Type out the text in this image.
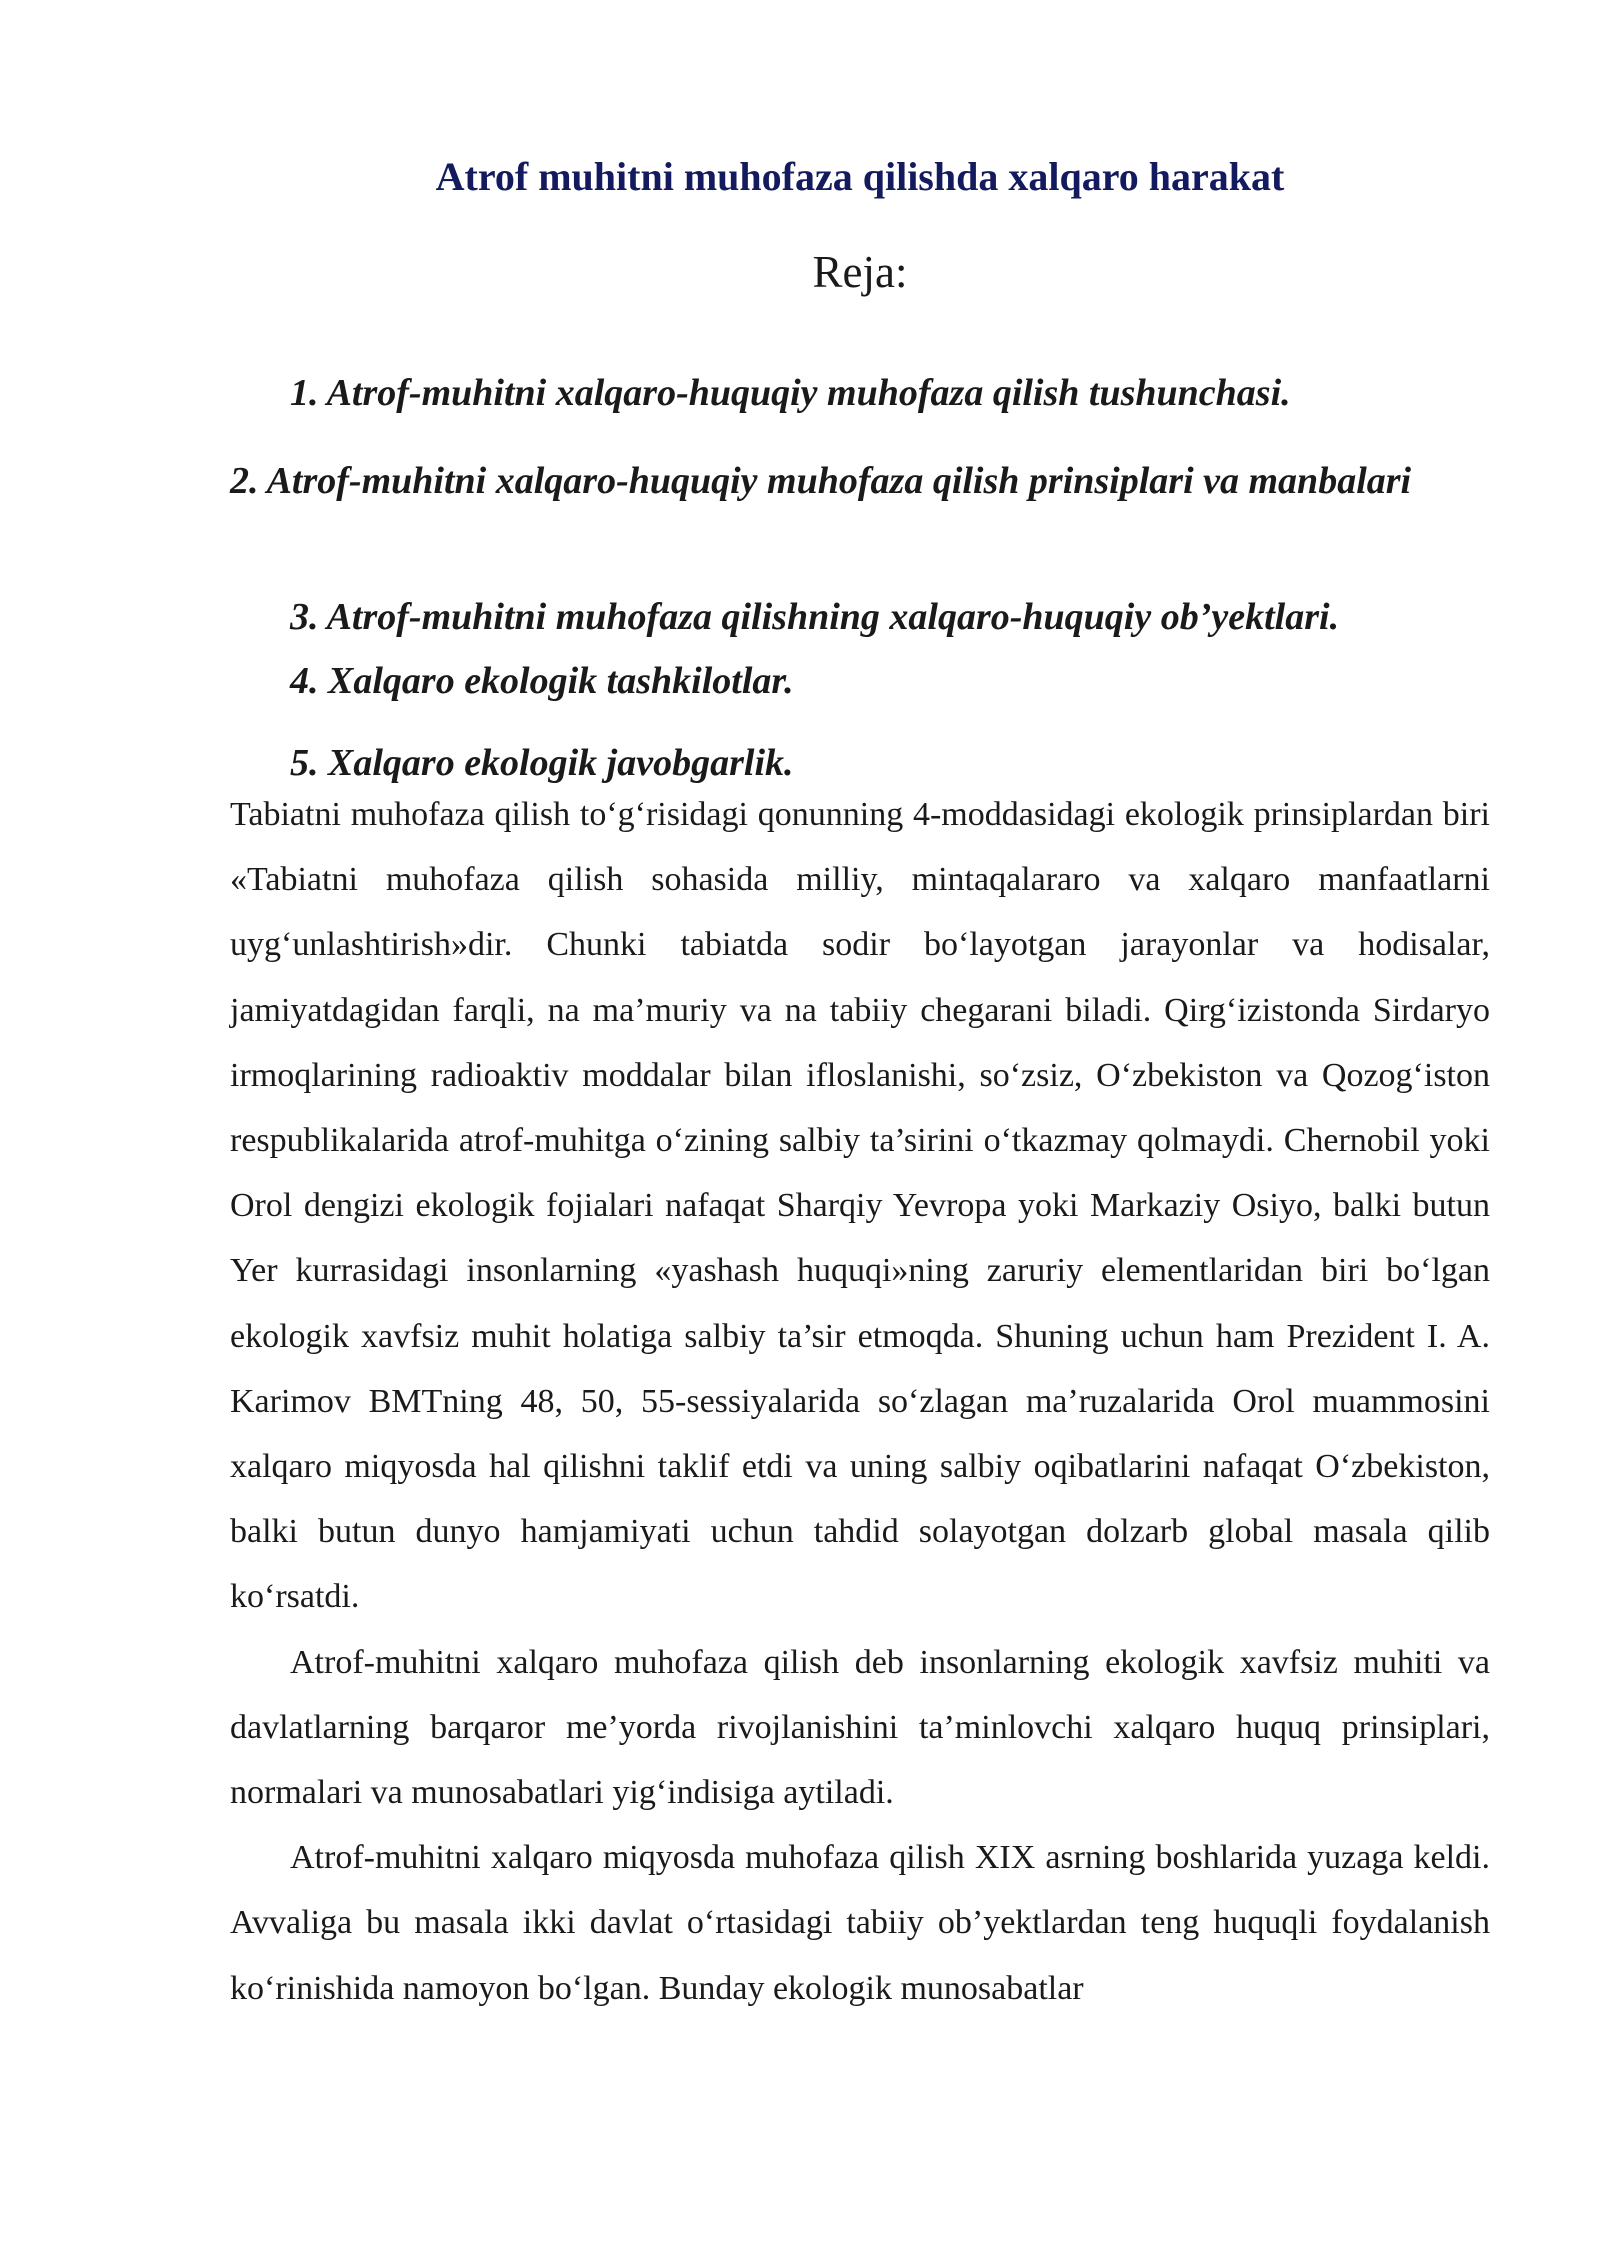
Atrof muhitni muhofaza qilishda xalqaro harakat
Reja:

1. Atrof-muhitni xalqaro-huquqiy muhofaza qilish tushunchasi.

2. Atrof-muhitni xalqaro-huquqiy muhofaza qilish prinsiplari va manbalari

3. Atrof-muhitni muhofaza qilishning xalqaro-huquqiy ob’yektlari.

4. Xalqaro ekologik tashkilotlar.

5. Xalqaro ekologik javobgarlik.

Tabiatni muhofaza qilish to‘g‘risidagi qonunning 4-moddasidagi ekologik prinsiplardan biri «Tabiatni muhofaza qilish sohasida milliy, mintaqalararo va xalqaro manfaatlarni uyg‘unlashtirish»dir. Chunki tabiatda sodir bo‘layotgan jarayonlar va hodisalar, jamiyatdagidan farqli, na ma’muriy va na tabiiy chegarani biladi. Qirg‘izistonda Sirdaryo irmoqlarining radioaktiv moddalar bilan ifloslanishi, so‘zsiz, O‘zbekiston va Qozog‘iston respublikalarida atrof-muhitga o‘zining salbiy ta’sirini o‘tkazmay qolmaydi. Chernobil yoki Orol dengizi ekologik fojialari nafaqat Sharqiy Yevropa yoki Markaziy Osiyo, balki butun Yer kurrasidagi insonlarning «yashash huquqi»ning zaruriy elementlaridan biri bo‘lgan ekologik xavfsiz muhit holatiga salbiy ta’sir etmoqda. Shuning uchun ham Prezident I. A. Karimov BMTning 48, 50, 55-sessiyalarida so‘zlagan ma’ruzalarida Orol muammosini xalqaro miqyosda hal qilishni taklif etdi va uning salbiy oqibatlarini nafaqat O‘zbekiston, balki butun dunyo hamjamiyati uchun tahdid solayotgan dolzarb global masala qilib ko‘rsatdi.

Atrof-muhitni xalqaro muhofaza qilish deb insonlarning ekologik xavfsiz muhiti va davlatlarning barqaror me’yorda rivojlanishini ta’minlovchi xalqaro huquq prinsiplari, normalari va munosabatlari yig‘indisiga aytiladi.

Atrof-muhitni xalqaro miqyosda muhofaza qilish XIX asrning boshlarida yuzaga keldi. Avvaliga bu masala ikki davlat o‘rtasidagi tabiiy ob’yektlardan teng huquqli foydalanish ko‘rinishida namoyon bo‘lgan. Bunday ekologik munosabatlar
